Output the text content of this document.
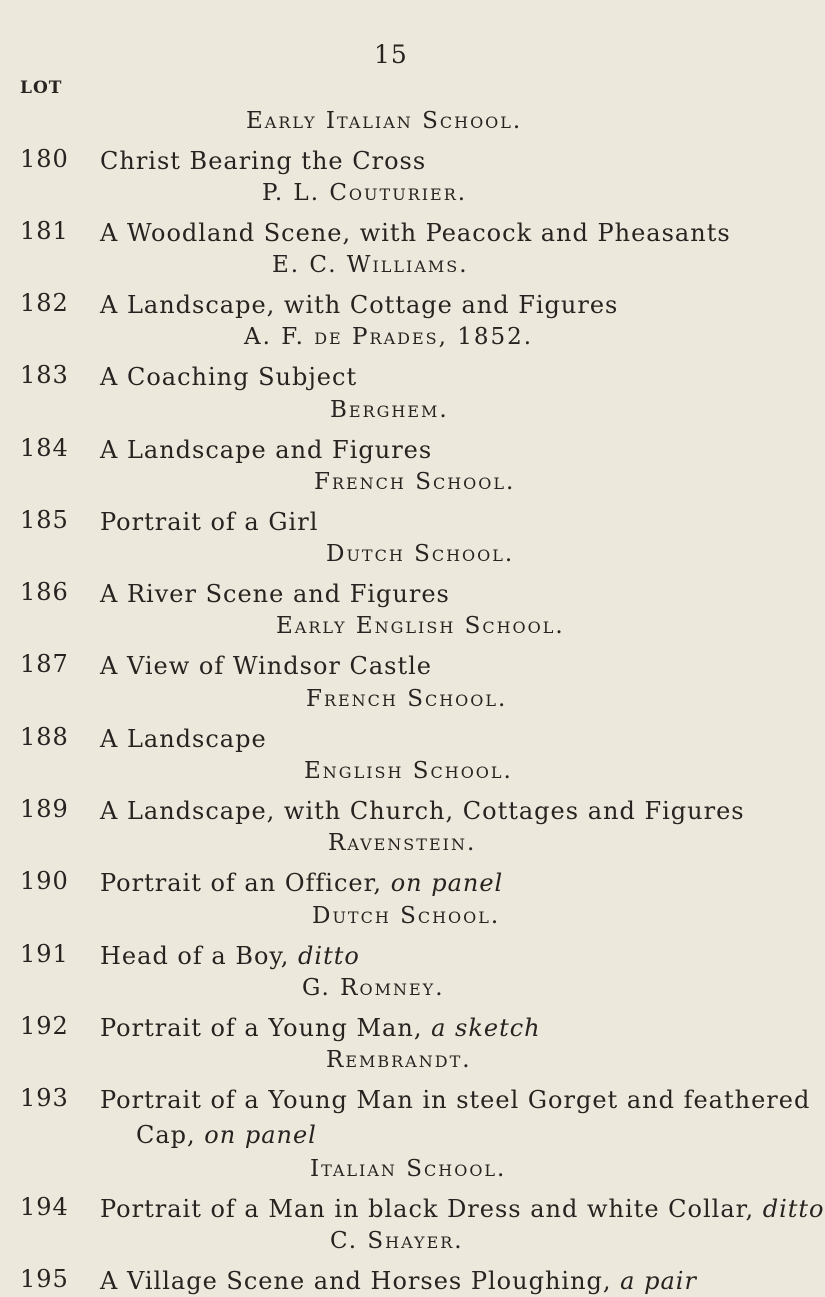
15
LOT
Early Italian School.
180 Christ Bearing the Cross
P. L. Couturier.
181 A Woodland Scene, with Peacock and Pheasants
E. C. Williams.
182 A Landscape, with Cottage and Figures
A. F. de Prades, 1852.
183 A Coaching Subject
Berghem.
184 A Landscape and Figures
French School.
185 Portrait of a Girl
Dutch School.
186 A River Scene and Figures
Early English School.
187 A View of Windsor Castle
French School.
188 A Landscape
English School.
189 A Landscape, with Church, Cottages and Figures
Ravenstein.
190 Portrait of an Officer, on panel
Dutch School.
191 Head of a Boy, ditto
G. Romney.
192 Portrait of a Young Man, a sketch
Rembrandt.
193 Portrait of a Young Man in steel Gorget and feathered
Cap, on panel
Italian School.
194 Portrait of a Man in black Dress and white Collar, ditto
C. Shayer.
195 A Village Scene and Horses Ploughing, a pair
